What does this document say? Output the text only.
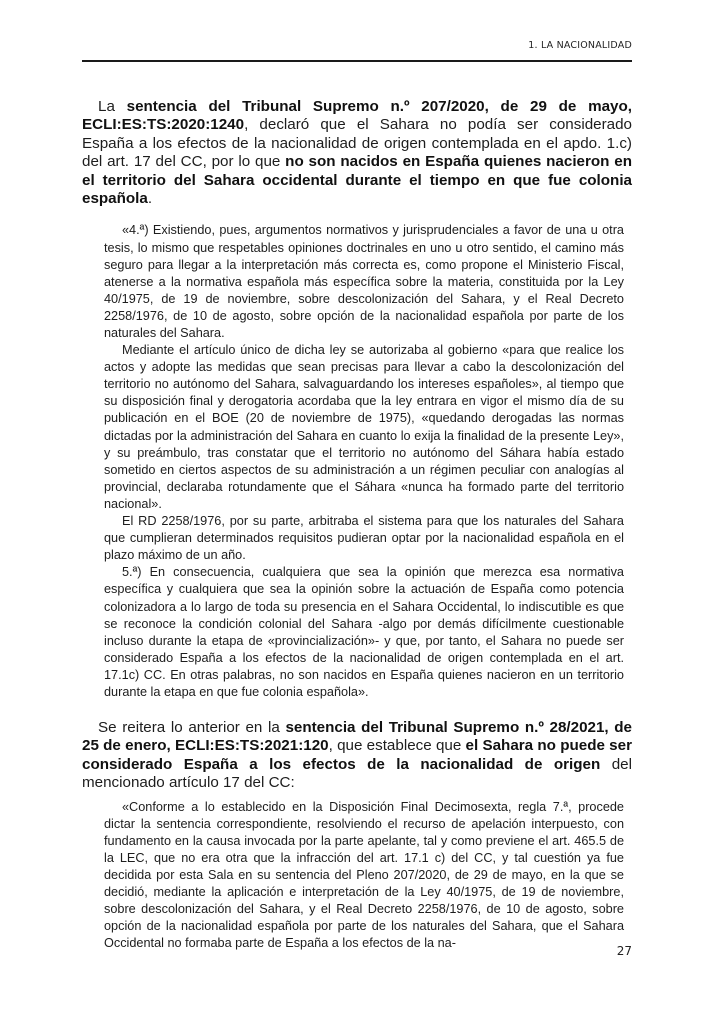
1. LA NACIONALIDAD

La sentencia del Tribunal Supremo n.º 207/2020, de 29 de mayo, ECLI:ES:TS:2020:1240, declaró que el Sahara no podía ser considerado España a los efectos de la nacionalidad de origen contemplada en el apdo. 1.c) del art. 17 del CC, por lo que no son nacidos en España quienes nacieron en el territorio del Sahara occidental durante el tiempo en que fue colonia española.

«4.ª) Existiendo, pues, argumentos normativos y jurisprudenciales a favor de una u otra tesis, lo mismo que respetables opiniones doctrinales en uno u otro sentido, el camino más seguro para llegar a la interpretación más correcta es, como propone el Ministerio Fiscal, atenerse a la normativa española más específica sobre la materia, constituida por la Ley 40/1975, de 19 de noviembre, sobre descolonización del Sahara, y el Real Decreto 2258/1976, de 10 de agosto, sobre opción de la nacionalidad española por parte de los naturales del Sahara.

Mediante el artículo único de dicha ley se autorizaba al gobierno «para que realice los actos y adopte las medidas que sean precisas para llevar a cabo la descolonización del territorio no autónomo del Sahara, salvaguardando los intereses españoles», al tiempo que su disposición final y derogatoria acordaba que la ley entrara en vigor el mismo día de su publicación en el BOE (20 de noviembre de 1975), «quedando derogadas las normas dictadas por la administración del Sahara en cuanto lo exija la finalidad de la presente Ley», y su preámbulo, tras constatar que el territorio no autónomo del Sáhara había estado sometido en ciertos aspectos de su administración a un régimen peculiar con analogías al provincial, declaraba rotundamente que el Sáhara «nunca ha formado parte del territorio nacional».

El RD 2258/1976, por su parte, arbitraba el sistema para que los naturales del Sahara que cumplieran determinados requisitos pudieran optar por la nacionalidad española en el plazo máximo de un año.

5.ª) En consecuencia, cualquiera que sea la opinión que merezca esa normativa específica y cualquiera que sea la opinión sobre la actuación de España como potencia colonizadora a lo largo de toda su presencia en el Sahara Occidental, lo indiscutible es que se reconoce la condición colonial del Sahara -algo por demás difícilmente cuestionable incluso durante la etapa de «provincialización»- y que, por tanto, el Sahara no puede ser considerado España a los efectos de la nacionalidad de origen contemplada en el art. 17.1c) CC. En otras palabras, no son nacidos en España quienes nacieron en un territorio durante la etapa en que fue colonia española».

Se reitera lo anterior en la sentencia del Tribunal Supremo n.º 28/2021, de 25 de enero, ECLI:ES:TS:2021:120, que establece que el Sahara no puede ser considerado España a los efectos de la nacionalidad de origen del mencionado artículo 17 del CC:

«Conforme a lo establecido en la Disposición Final Decimosexta, regla 7.ª, procede dictar la sentencia correspondiente, resolviendo el recurso de apelación interpuesto, con fundamento en la causa invocada por la parte apelante, tal y como previene el art. 465.5 de la LEC, que no era otra que la infracción del art. 17.1 c) del CC, y tal cuestión ya fue decidida por esta Sala en su sentencia del Pleno 207/2020, de 29 de mayo, en la que se decidió, mediante la aplicación e interpretación de la Ley 40/1975, de 19 de noviembre, sobre descolonización del Sahara, y el Real Decreto 2258/1976, de 10 de agosto, sobre opción de la nacionalidad española por parte de los naturales del Sahara, que el Sahara Occidental no formaba parte de España a los efectos de la na-

27
